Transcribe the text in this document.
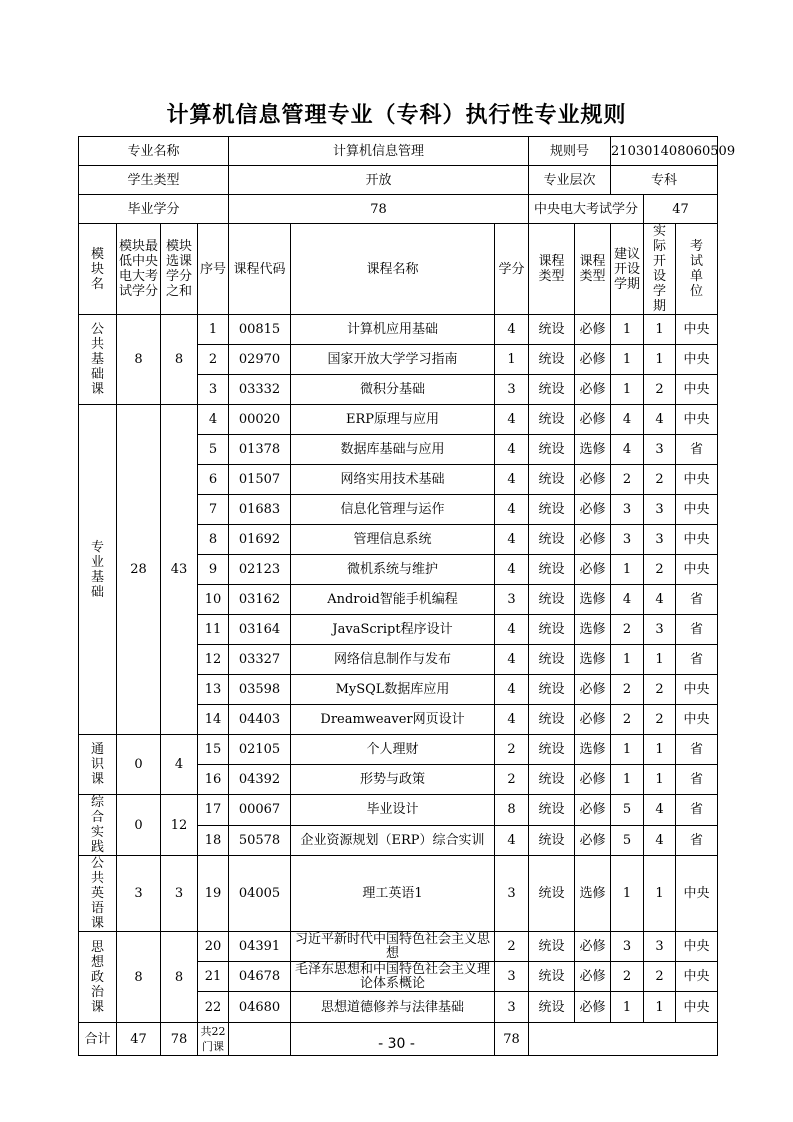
计算机信息管理专业（专科）执行性专业规则
专业名称				计算机信息管理			规则号		210301408060509		
学生类型				开放			专业层次		专科		
毕业学分				78			中央电大考试学分			47	
模块名	模块最低中央电大考试学分	模块选课学分之和	序号	课程代码	课程名称	学分	课程类型	课程类型	建议开设学期	实际开设学期	考试单位
公共基础课	8	8	1	00815	计算机应用基础	4	统设	必修	1	1	中央
			2	02970	国家开放大学学习指南	1	统设	必修	1	1	中央
			3	03332	微积分基础	3	统设	必修	1	2	中央
专业基础	28	43	4	00020	ERP原理与应用	4	统设	必修	4	4	中央
			5	01378	数据库基础与应用	4	统设	选修	4	3	省
			6	01507	网络实用技术基础	4	统设	必修	2	2	中央
			7	01683	信息化管理与运作	4	统设	必修	3	3	中央
			8	01692	管理信息系统	4	统设	必修	3	3	中央
			9	02123	微机系统与维护	4	统设	必修	1	2	中央
			10	03162	Android智能手机编程	3	统设	选修	4	4	省
			11	03164	JavaScript程序设计	4	统设	选修	2	3	省
			12	03327	网络信息制作与发布	4	统设	选修	1	1	省
			13	03598	MySQL数据库应用	4	统设	必修	2	2	中央
			14	04403	Dreamweaver网页设计	4	统设	必修	2	2	中央
通识课	0	4	15	02105	个人理财	2	统设	选修	1	1	省
			16	04392	形势与政策	2	统设	必修	1	1	省
综合实践	0	12	17	00067	毕业设计	8	统设	必修	5	4	省
			18	50578	企业资源规划（ERP）综合实训	4	统设	必修	5	4	省
公共英语课	3	3	19	04005	理工英语1	3	统设	选修	1	1	中央
思想政治课	8	8	20	04391	习近平新时代中国特色社会主义思想	2	统设	必修	3	3	中央
			21	04678	毛泽东思想和中国特色社会主义理论体系概论	3	统设	必修	2	2	中央
			22	04680	思想道德修养与法律基础	3	统设	必修	1	1	中央
合计	47	78	共22门课			78					
- 30 -
